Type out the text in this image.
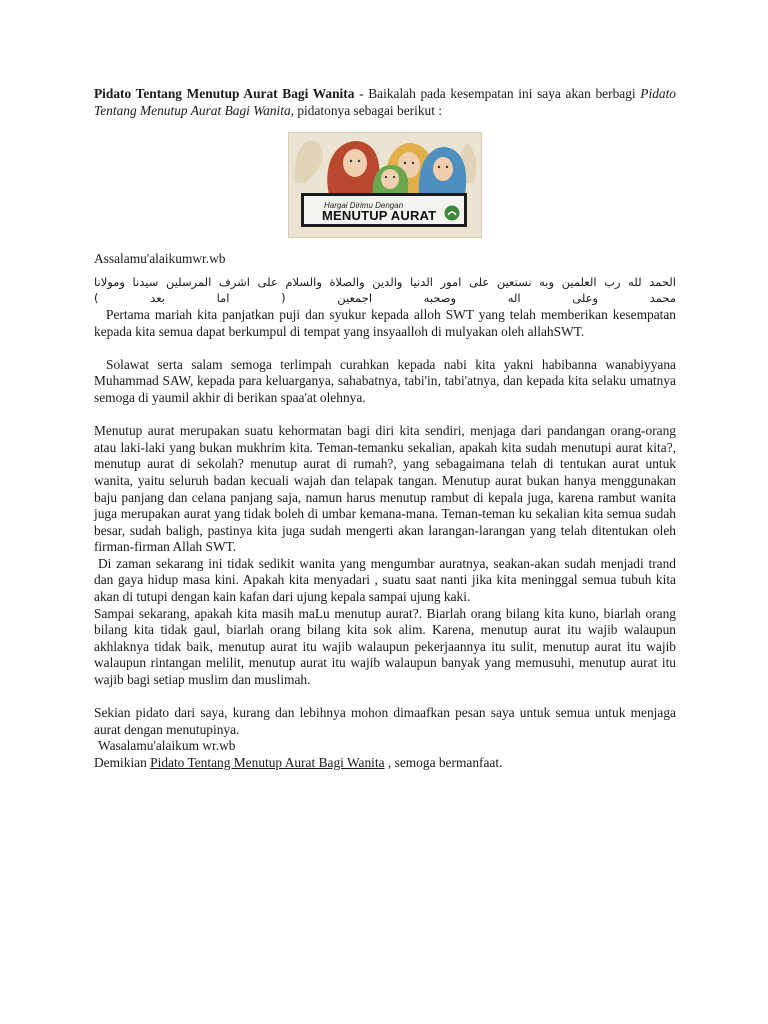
Pidato Tentang Menutup Aurat Bagi Wanita - Baikalah pada kesempatan ini saya akan berbagi Pidato Tentang Menutup Aurat Bagi Wanita, pidatonya sebagai berikut :

Hargai Dirimu Dengan
MENUTUP AURAT

Assalamu'alaikumwr.wb

الحمد لله رب العلمين وبه نستعين على امور الدنيا والدين والصلاة والسلام على اشرف المرسلين سيدنا ومولانا
محمد وعلى اله وصحبه اجمعين ( اما بعد )

Pertama mariah kita panjatkan puji dan syukur kepada alloh SWT yang telah memberikan kesempatan kepada kita semua dapat berkumpul di tempat yang insyaalloh di mulyakan oleh allahSWT.

Solawat serta salam semoga terlimpah curahkan kepada nabi kita yakni habibanna wanabiyyana Muhammad SAW, kepada para keluarganya, sahabatnya, tabi'in, tabi'atnya, dan kepada kita selaku umatnya semoga di yaumil akhir di berikan spaa'at olehnya.

Menutup aurat merupakan suatu kehormatan bagi diri kita sendiri, menjaga dari pandangan orang-orang atau laki-laki yang bukan mukhrim kita. Teman-temanku sekalian, apakah kita sudah menutupi aurat kita?, menutup aurat di sekolah? menutup aurat di rumah?, yang sebagaimana telah di tentukan aurat untuk wanita, yaitu seluruh badan kecuali wajah dan telapak tangan. Menutup aurat bukan hanya menggunakan baju panjang dan celana panjang saja, namun harus menutup rambut di kepala juga, karena rambut wanita juga merupakan aurat yang tidak boleh di umbar kemana-mana. Teman-teman ku sekalian kita semua sudah besar, sudah baligh, pastinya kita juga sudah mengerti akan larangan-larangan yang telah ditentukan oleh firman-firman Allah SWT.

Di zaman sekarang ini tidak sedikit wanita yang mengumbar auratnya, seakan-akan sudah menjadi trand dan gaya hidup masa kini. Apakah kita menyadari , suatu saat nanti jika kita meninggal semua tubuh kita akan di tutupi dengan kain kafan dari ujung kepala sampai ujung kaki.

Sampai sekarang, apakah kita masih maLu menutup aurat?. Biarlah orang bilang kita kuno, biarlah orang bilang kita tidak gaul, biarlah orang bilang kita sok alim. Karena, menutup aurat itu wajib walaupun akhlaknya tidak baik, menutup aurat itu wajib walaupun pekerjaannya itu sulit, menutup aurat itu wajib walaupun rintangan melilit, menutup aurat itu wajib walaupun banyak yang memusuhi, menutup aurat itu wajib bagi setiap muslim dan muslimah.

Sekian pidato dari saya, kurang dan lebihnya mohon dimaafkan pesan saya untuk semua untuk menjaga aurat dengan menutupinya.

Wasalamu'alaikum wr.wb

Demikian Pidato Tentang Menutup Aurat Bagi Wanita , semoga bermanfaat.
